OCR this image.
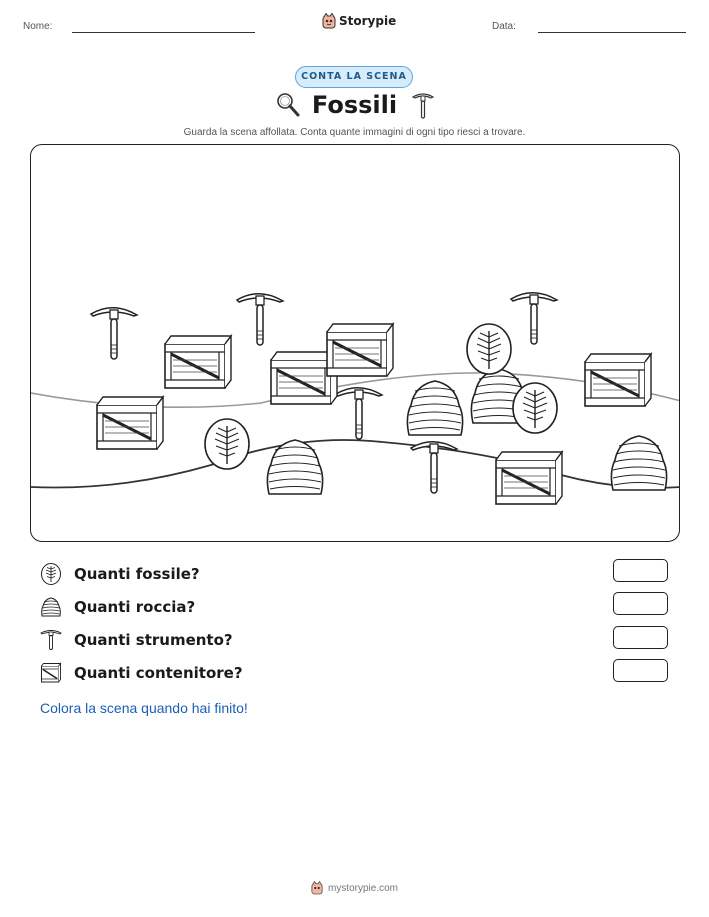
Nome:	Storypie	Data:
CONTA LA SCENA
Fossili
Guarda la scena affollata. Conta quante immagini di ogni tipo riesci a trovare.
Quanti fossile?
Quanti roccia?
Quanti strumento?
Quanti contenitore?
Colora la scena quando hai finito!
mystorypie.com
